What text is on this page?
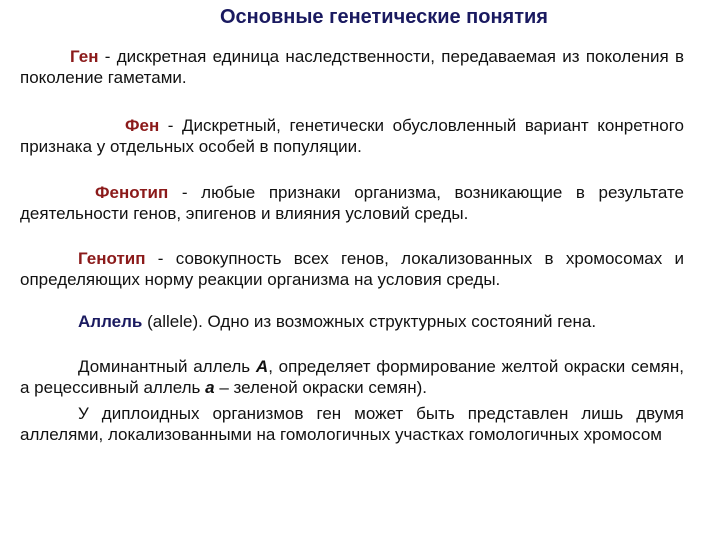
Основные генетические понятия

Ген - дискретная единица наследственности, передаваемая из поколения в поколение гаметами.

Фен - Дискретный, генетически обусловленный вариант конретного признака у отдельных особей в популяции.

Фенотип - любые признаки организма, возникающие в результате деятельности генов, эпигенов и влияния условий среды.

Генотип - совокупность всех генов, локализованных в хромосомах и определяющих норму реакции организма на условия среды.

Аллель (allele). Одно из возможных структурных состояний гена.

Доминантный аллель А, определяет формирование желтой окраски семян, а рецессивный аллель а – зеленой окраски семян).

У диплоидных организмов ген может быть представлен лишь двумя аллелями, локализованными на гомологичных участках гомологичных хромосом
